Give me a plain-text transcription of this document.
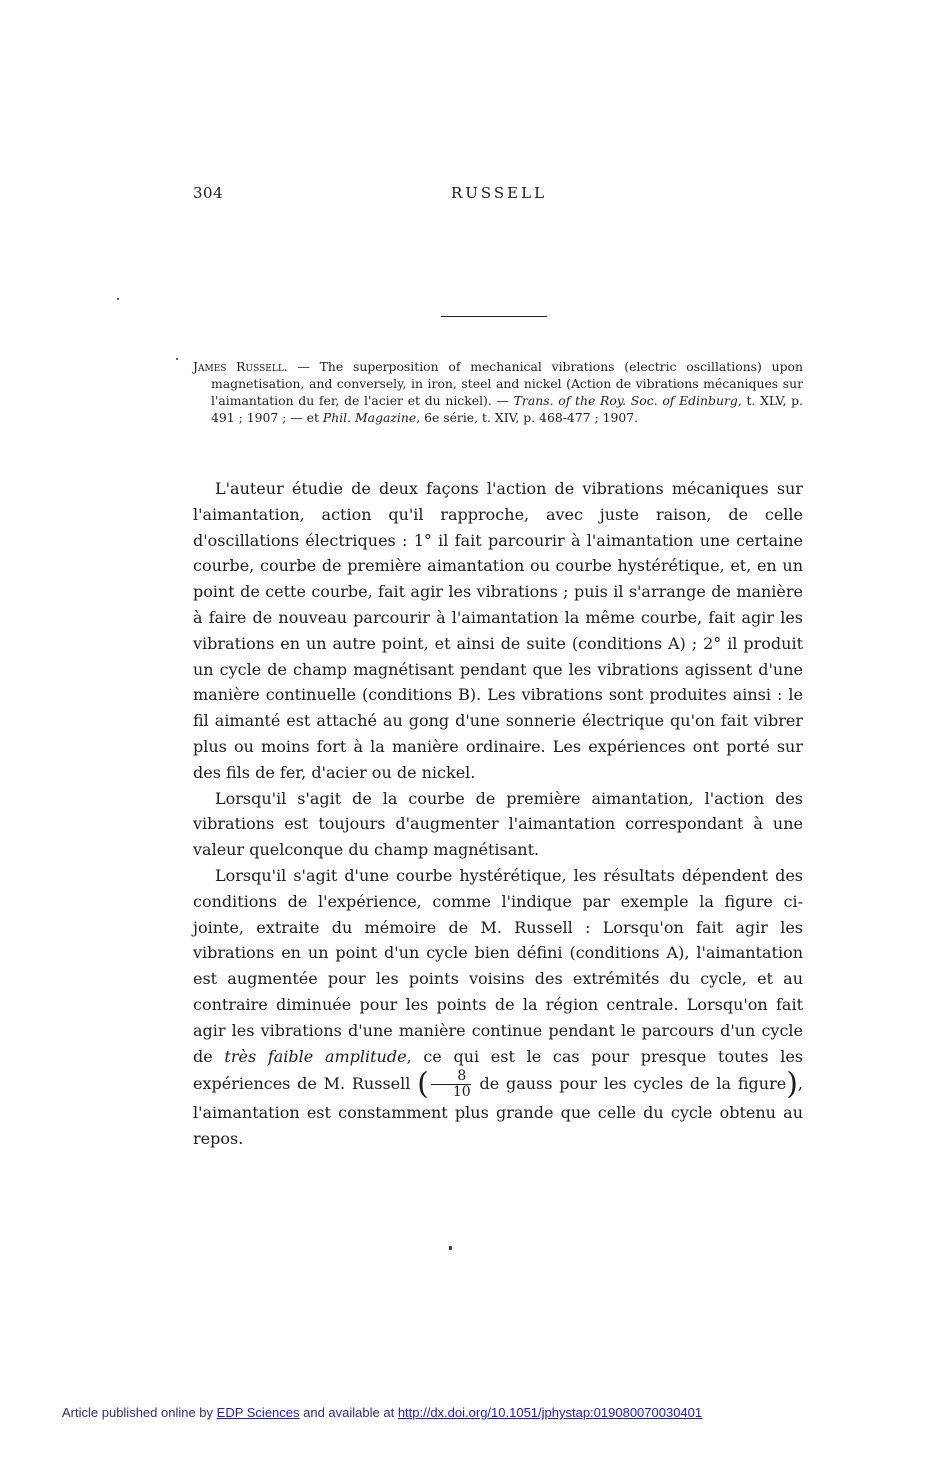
304	RUSSELL

James Russell. — The superposition of mechanical vibrations (electric oscillations) upon magnetisation, and conversely, in iron, steel and nickel (Action de vibrations mécaniques sur l'aimantation du fer, de l'acier et du nickel). — Trans. of the Roy. Soc. of Edinburg, t. XLV, p. 491 ; 1907 ; — et Phil. Magazine, 6e série, t. XIV, p. 468-477 ; 1907.

L'auteur étudie de deux façons l'action de vibrations mécaniques sur l'aimantation, action qu'il rapproche, avec juste raison, de celle d'oscillations électriques : 1° il fait parcourir à l'aimantation une certaine courbe, courbe de première aimantation ou courbe hystérétique, et, en un point de cette courbe, fait agir les vibrations ; puis il s'arrange de manière à faire de nouveau parcourir à l'aimantation la même courbe, fait agir les vibrations en un autre point, et ainsi de suite (conditions A) ; 2° il produit un cycle de champ magnétisant pendant que les vibrations agissent d'une manière continuelle (conditions B). Les vibrations sont produites ainsi : le fil aimanté est attaché au gong d'une sonnerie électrique qu'on fait vibrer plus ou moins fort à la manière ordinaire. Les expériences ont porté sur des fils de fer, d'acier ou de nickel.

Lorsqu'il s'agit de la courbe de première aimantation, l'action des vibrations est toujours d'augmenter l'aimantation correspondant à une valeur quelconque du champ magnétisant.

Lorsqu'il s'agit d'une courbe hystérétique, les résultats dépendent des conditions de l'expérience, comme l'indique par exemple la figure ci-jointe, extraite du mémoire de M. Russell : Lorsqu'on fait agir les vibrations en un point d'un cycle bien défini (conditions A), l'aimantation est augmentée pour les points voisins des extrémités du cycle, et au contraire diminuée pour les points de la région centrale. Lorsqu'on fait agir les vibrations d'une manière continue pendant le parcours d'un cycle de très faible amplitude, ce qui est le cas pour presque toutes les expériences de M. Russell ( $\frac{8}{10}$ de gauss pour les cycles de la figure), l'aimantation est constamment plus grande que celle du cycle obtenu au repos.

Article published online by EDP Sciences and available at http://dx.doi.org/10.1051/jphystap:019080070030401
